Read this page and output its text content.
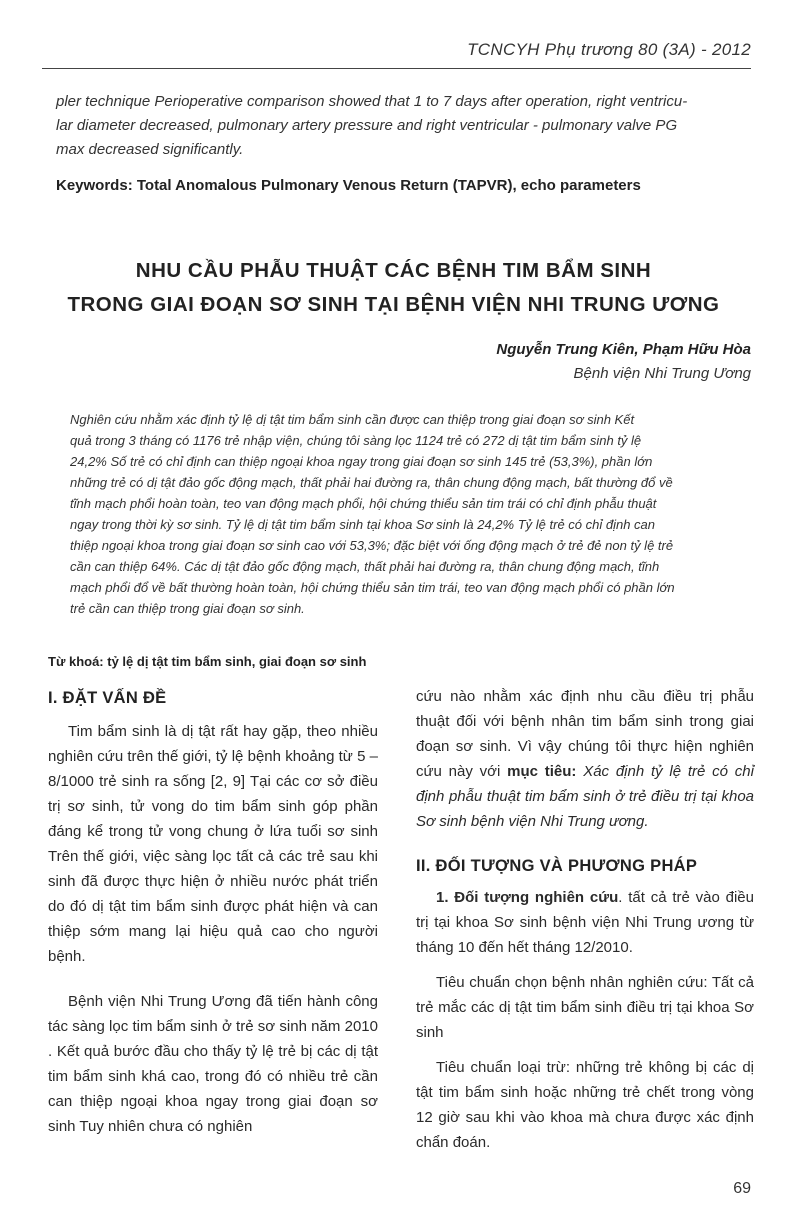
TCNCYH Phụ trương 80 (3A) - 2012

pler technique Perioperative comparison showed that 1 to 7 days after operation, right ventricu-

lar diameter decreased, pulmonary artery pressure and right ventricular - pulmonary valve PG

max decreased significantly.

Keywords: Total Anomalous Pulmonary Venous Return (TAPVR), echo parameters

NHU CẦU PHẪU THUẬT CÁC BỆNH TIM BẨM SINH

TRONG GIAI ĐOẠN SƠ SINH TẠI BỆNH VIỆN NHI TRUNG ƯƠNG

Nguyễn Trung Kiên, Phạm Hữu Hòa
Bệnh viện Nhi Trung Ương

Nghiên cứu nhằm xác định tỷ lệ dị tật tim bẩm sinh cần được can thiệp trong giai đoạn sơ sinh Kết

quả trong 3 tháng có 1176 trẻ nhập viện, chúng tôi sàng lọc 1124 trẻ có 272 dị tật tim bẩm sinh tỷ lệ

24,2% Số trẻ có chỉ định can thiệp ngoại khoa ngay trong giai đoạn sơ sinh 145 trẻ (53,3%), phần lớn

những trẻ có dị tật đảo gốc động mạch, thất phải hai đường ra, thân chung động mạch, bất thường đổ về

tĩnh mạch phổi hoàn toàn, teo van động mạch phổi, hội chứng thiểu sản tim trái có chỉ định phẫu thuật

ngay trong thời kỳ sơ sinh. Tỷ lệ dị tật tim bẩm sinh tại khoa Sơ sinh là 24,2% Tỷ lệ trẻ có chỉ định can

thiệp ngoại khoa trong giai đoạn sơ sinh cao với 53,3%; đặc biệt với ống động mạch ở trẻ đẻ non tỷ lệ trẻ

cần can thiệp 64%. Các dị tật đảo gốc động mạch, thất phải hai đường ra, thân chung động mạch, tĩnh

mạch phổi đổ về bất thường hoàn toàn, hội chứng thiểu sản tim trái, teo van động mạch phổi có phần lớn

trẻ cần can thiệp trong giai đoạn sơ sinh.

Từ khoá: tỷ lệ dị tật tim bẩm sinh, giai đoạn sơ sinh
I. ĐẶT VẤN ĐỀ

Tim bẩm sinh là dị tật rất hay gặp, theo nhiều nghiên cứu trên thế giới, tỷ lệ bệnh khoảng từ 5 – 8/1000 trẻ sinh ra sống [2, 9] Tại các cơ sở điều trị sơ sinh, tử vong do tim bẩm sinh góp phần đáng kể trong tử vong chung ở lứa tuổi sơ sinh Trên thế giới, việc sàng lọc tất cả các trẻ sau khi sinh đã được thực hiện ở nhiều nước phát triển do đó dị tật tim bẩm sinh được phát hiện và can thiệp sớm mang lại hiệu quả cao cho người bệnh.

Bệnh viện Nhi Trung Ương đã tiến hành công tác sàng lọc tim bẩm sinh ở trẻ sơ sinh năm 2010 . Kết quả bước đầu cho thấy tỷ lệ trẻ bị các dị tật tim bẩm sinh khá cao, trong đó có nhiều trẻ cần can thiệp ngoại khoa ngay trong giai đoạn sơ sinh Tuy nhiên chưa có nghiên

cứu nào nhằm xác định nhu cầu điều trị phẫu thuật đối với bệnh nhân tim bẩm sinh trong giai đoạn sơ sinh. Vì vậy chúng tôi thực hiện nghiên cứu này với mục tiêu: Xác định tỷ lệ trẻ có chỉ định phẫu thuật tim bẩm sinh ở trẻ điều trị tại khoa Sơ sinh bệnh viện Nhi Trung ương.

II. ĐỐI TƯỢNG VÀ PHƯƠNG PHÁP

1. Đối tượng nghiên cứu. tất cả trẻ vào điều trị tại khoa Sơ sinh bệnh viện Nhi Trung ương từ tháng 10 đến hết tháng 12/2010.

Tiêu chuẩn chọn bệnh nhân nghiên cứu: Tất cả trẻ mắc các dị tật tim bẩm sinh điều trị tại khoa Sơ sinh

Tiêu chuẩn loại trừ: những trẻ không bị các dị tật tim bẩm sinh hoặc những trẻ chết trong vòng 12 giờ sau khi vào khoa mà chưa được xác định chẩn đoán.

69
